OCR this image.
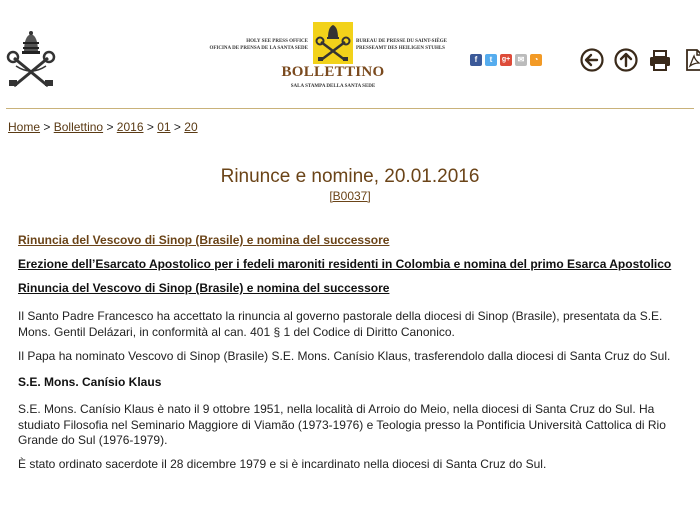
HOLY SEE PRESS OFFICE
OFICINA DE PRENSA DE LA SANTA SEDE
BUREAU DE PRESSE DU SAINT-SIÈGE
PRESSEAMT DES HEILIGEN STUHLS
BOLLETTINO
SALA STAMPA DELLA SANTA SEDE
f	t	g+ ✉	◔
Home > Bollettino > 2016 > 01 > 20
Rinunce e nomine, 20.01.2016
[B0037]
Rinuncia del Vescovo di Sinop (Brasile) e nomina del successore
Erezione dell’Esarcato Apostolico per i fedeli maroniti residenti in Colombia e nomina del primo Esarca Apostolico
Rinuncia del Vescovo di Sinop (Brasile) e nomina del successore

Il Santo Padre Francesco ha accettato la rinuncia al governo pastorale della diocesi di Sinop (Brasile), presentata da S.E. Mons. Gentil Delázari, in conformità al can. 401 § 1 del Codice di Diritto Canonico.

Il Papa ha nominato Vescovo di Sinop (Brasile) S.E. Mons. Canísio Klaus, trasferendolo dalla diocesi di Santa Cruz do Sul.

S.E. Mons. Canísio Klaus

S.E. Mons. Canísio Klaus è nato il 9 ottobre 1951, nella località di Arroio do Meio, nella diocesi di Santa Cruz do Sul. Ha studiato Filosofia nel Seminario Maggiore di Viamão (1973-1976) e Teologia presso la Pontificia Università Cattolica di Rio Grande do Sul (1976-1979).

È stato ordinato sacerdote il 28 dicembre 1979 e si è incardinato nella diocesi di Santa Cruz do Sul.
